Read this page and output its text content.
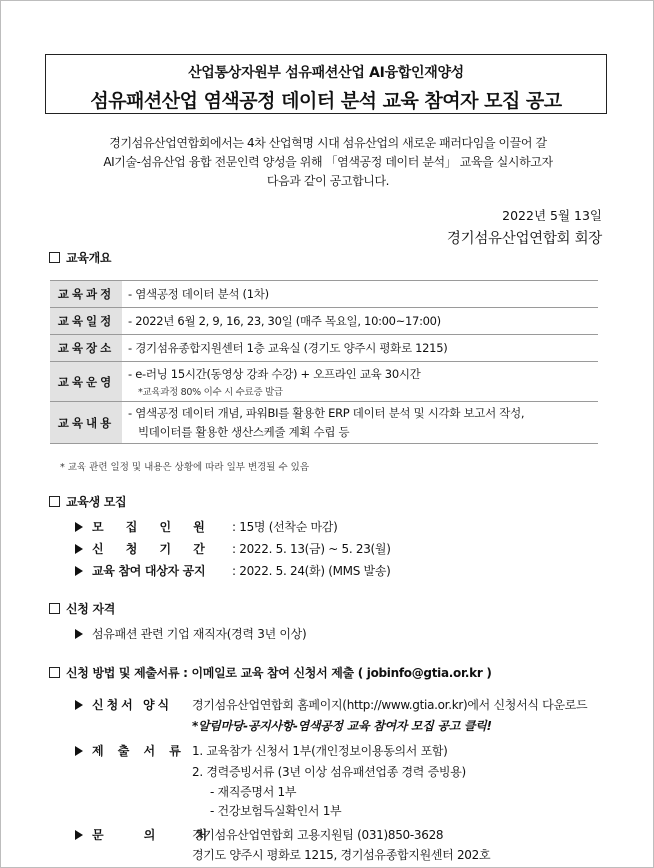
산업통상자원부 섬유패션산업 AI융합인재양성
섬유패션산업 염색공정 데이터 분석 교육 참여자 모집 공고
경기섬유산업연합회에서는 4차 산업혁명 시대 섬유산업의 새로운 패러다임을 이끌어 갈
AI기술-섬유산업 융합 전문인력 양성을 위해 「염색공정 데이터 분석」 교육을 실시하고자
다음과 같이 공고합니다.
2022년 5월 13일
경기섬유산업연합회 회장
교육개요
교육과정	- 염색공정 데이터 분석 (1차)
교육일정	- 2022년 6월 2, 9, 16, 23, 30일 (매주 목요일, 10:00~17:00)
교육장소	- 경기섬유종합지원센터 1층 교육실 (경기도 양주시 평화로 1215)
교육운영	- e-러닝 15시간(동영상 강좌 수강) + 오프라인 교육 30시간
*교육과정 80% 이수 시 수료증 발급

교육내용	- 염색공정 데이터 개념, 파워BI를 활용한 ERP 데이터 분석 및 시각화 보고서 작성,
빅데이터를 활용한 생산스케줄 계획 수립 등
* 교육 관련 일정 및 내용은 상황에 따라 일부 변경될 수 있음
교육생 모집
모 집 인 원 : 15명 (선착순 마감)
신 청 기 간 : 2022. 5. 13(금) ~ 5. 23(월)
교육 참여 대상자 공지 : 2022. 5. 24(화) (MMS 발송)
신청 자격
섬유패션 관련 기업 재직자(경력 3년 이상)
신청 방법 및 제출서류 : 이메일로 교육 참여 신청서 제출 ( jobinfo@gtia.or.kr )
신청서 양식 경기섬유산업연합회 홈페이지(http://www.gtia.or.kr)에서 신청서식 다운로드
*알림마당-공지사항-염색공정 교육 참여자 모집 공고 클릭!
제 출 서 류 1. 교육참가 신청서 1부(개인정보이용동의서 포함)
2. 경력증빙서류 (3년 이상 섬유패션업종 경력 증빙용)
- 재직증명서 1부
- 건강보험득실확인서 1부
문 의 처
경기섬유산업연합회 고용지원팀 (031)850-3628
경기도 양주시 평화로 1215, 경기섬유종합지원센터 202호
